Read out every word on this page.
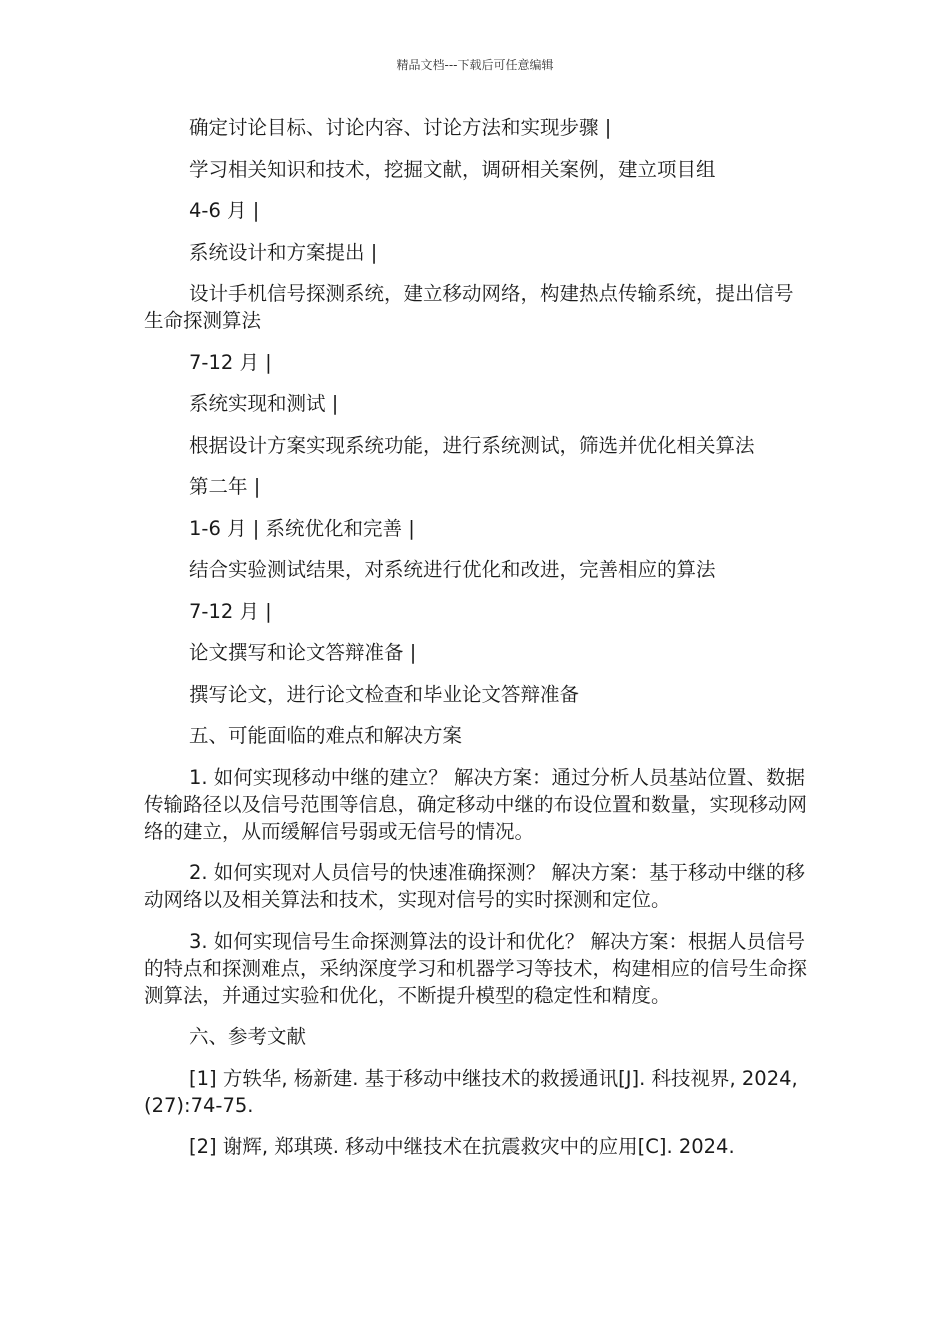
精品文档---下载后可任意编辑

确定讨论目标、讨论内容、讨论方法和实现步骤 |

学习相关知识和技术，挖掘文献，调研相关案例，建立项目组

4-6 月 |

系统设计和方案提出 |

设计手机信号探测系统，建立移动网络，构建热点传输系统，提出信号生命探测算法

7-12 月 |

系统实现和测试 |

根据设计方案实现系统功能，进行系统测试，筛选并优化相关算法

第二年 |

1-6 月 | 系统优化和完善 |

结合实验测试结果，对系统进行优化和改进，完善相应的算法

7-12 月 |

论文撰写和论文答辩准备 |

撰写论文，进行论文检查和毕业论文答辩准备

五、可能面临的难点和解决方案

1. 如何实现移动中继的建立？ 解决方案：通过分析人员基站位置、数据传输路径以及信号范围等信息，确定移动中继的布设位置和数量，实现移动网络的建立，从而缓解信号弱或无信号的情况。

2. 如何实现对人员信号的快速准确探测？ 解决方案：基于移动中继的移动网络以及相关算法和技术，实现对信号的实时探测和定位。

3. 如何实现信号生命探测算法的设计和优化？ 解决方案：根据人员信号的特点和探测难点，采纳深度学习和机器学习等技术，构建相应的信号生命探测算法，并通过实验和优化，不断提升模型的稳定性和精度。

六、参考文献

[1] 方轶华, 杨新建. 基于移动中继技术的救援通讯[J]. 科技视界, 2024, (27):74-75.

[2] 谢辉, 郑琪瑛. 移动中继技术在抗震救灾中的应用[C]. 2024.
